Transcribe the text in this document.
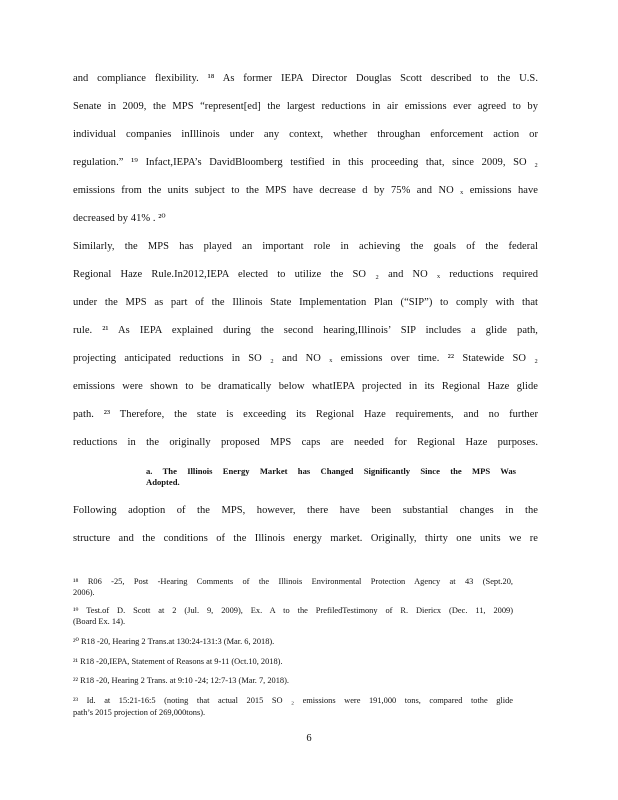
and compliance flexibility. ¹⁸ As former IEPA Director Douglas Scott described to the U.S.
Senate in 2009, the MPS “represent[ed] the largest reductions in air emissions ever agreed to by
individual companies inIllinois under any context, whether throughan enforcement action or
regulation.” ¹⁹ Infact,IEPA’s DavidBloomberg testified in this proceeding that, since 2009, SO ₂
emissions from the units subject to the MPS have decrease d by 75% and NO ₓ emissions have
decreased by 41% . ²⁰
Similarly, the MPS has played an important role in achieving the goals of the federal
Regional Haze Rule.In2012,IEPA elected to utilize the SO ₂ and NO ₓ reductions required
under the MPS as part of the Illinois State Implementation Plan (“SIP”) to comply with that
rule. ²¹ As IEPA explained during the second hearing,Illinois’ SIP includes a glide path,
projecting anticipated reductions in SO ₂ and NO ₓ emissions over time. ²² Statewide SO ₂
emissions were shown to be dramatically below whatIEPA projected in its Regional Haze glide
path. ²³ Therefore, the state is exceeding its Regional Haze requirements, and no further
reductions in the originally proposed MPS caps are needed for Regional Haze purposes.
a. The Illinois Energy Market has Changed Significantly Since the MPS Was
Adopted.
Following adoption of the MPS, however, there have been substantial changes in the
structure and the conditions of the Illinois energy market. Originally, thirty one units we re
¹⁸ R06 -25, Post -Hearing Comments of the Illinois Environmental Protection Agency at 43 (Sept.20,
2006).
¹⁹ Test.of D. Scott at 2 (Jul. 9, 2009), Ex. A to the PrefiledTestimony of R. Diericx (Dec. 11, 2009)
(Board Ex. 14).
²⁰ R18 -20, Hearing 2 Trans.at 130:24-131:3 (Mar. 6, 2018).
²¹ R18 -20,IEPA, Statement of Reasons at 9-11 (Oct.10, 2018).
²² R18 -20, Hearing 2 Trans. at 9:10 -24; 12:7-13 (Mar. 7, 2018).
²³ Id. at 15:21-16:5 (noting that actual 2015 SO ₂ emissions were 191,000 tons, compared tothe glide
path’s 2015 projection of 269,000tons).
6
